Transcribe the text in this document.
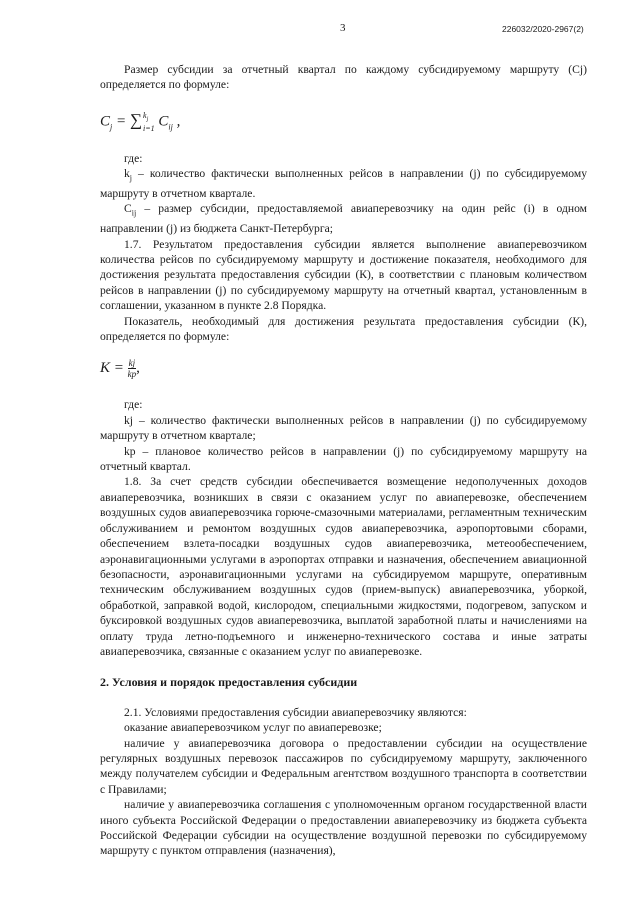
3	226032/2020-2967(2)

Размер субсидии за отчетный квартал по каждому субсидируемому маршруту (Cj) определяется по формуле:

$C_j$ = ∑ $k_j$
i=1 $C_{ij}$ ,

где:

$k_j$ – количество фактически выполненных рейсов в направлении (j) по субсидируемому маршруту в отчетном квартале.

$C_{ij}$ – размер субсидии, предоставляемой авиаперевозчику на один рейс (i) в одном направлении (j) из бюджета Санкт-Петербурга;

1.7. Результатом предоставления субсидии является выполнение авиаперевозчиком количества рейсов по субсидируемому маршруту и достижение показателя, необходимого для достижения результата предоставления субсидии (К), в соответствии с плановым количеством рейсов в направлении (j) по субсидируемому маршруту на отчетный квартал, установленным в соглашении, указанном в пункте 2.8 Порядка.

Показатель, необходимый для достижения результата предоставления субсидии (К), определяется по формуле:

$K = \frac{kj}{kp}$ ,

где:

kj – количество фактически выполненных рейсов в направлении (j) по субсидируемому маршруту в отчетном квартале;

kp – плановое количество рейсов в направлении (j) по субсидируемому маршруту на отчетный квартал.

1.8. За счет средств субсидии обеспечивается возмещение недополученных доходов авиаперевозчика, возникших в связи с оказанием услуг по авиаперевозке, обеспечением воздушных судов авиаперевозчика горюче-смазочными материалами, регламентным техническим обслуживанием и ремонтом воздушных судов авиаперевозчика, аэропортовыми сборами, обеспечением взлета-посадки воздушных судов авиаперевозчика, метеообеспечением, аэронавигационными услугами в аэропортах отправки и назначения, обеспечением авиационной безопасности, аэронавигационными услугами на субсидируемом маршруте, оперативным техническим обслуживанием воздушных судов (прием-выпуск) авиаперевозчика, уборкой, обработкой, заправкой водой, кислородом, специальными жидкостями, подогревом, запуском и буксировкой воздушных судов авиаперевозчика, выплатой заработной платы и начислениями на оплату труда летно-подъемного и инженерно-технического состава и иные затраты авиаперевозчика, связанные с оказанием услуг по авиаперевозке.

2. Условия и порядок предоставления субсидии

2.1. Условиями предоставления субсидии авиаперевозчику являются:

оказание авиаперевозчиком услуг по авиаперевозке;

наличие у авиаперевозчика договора о предоставлении субсидии на осуществление регулярных воздушных перевозок пассажиров по субсидируемому маршруту, заключенного между получателем субсидии и Федеральным агентством воздушного транспорта в соответствии с Правилами;

наличие у авиаперевозчика соглашения с уполномоченным органом государственной власти иного субъекта Российской Федерации о предоставлении авиаперевозчику из бюджета субъекта Российской Федерации субсидии на осуществление воздушной перевозки по субсидируемому маршруту с пунктом отправления (назначения),
